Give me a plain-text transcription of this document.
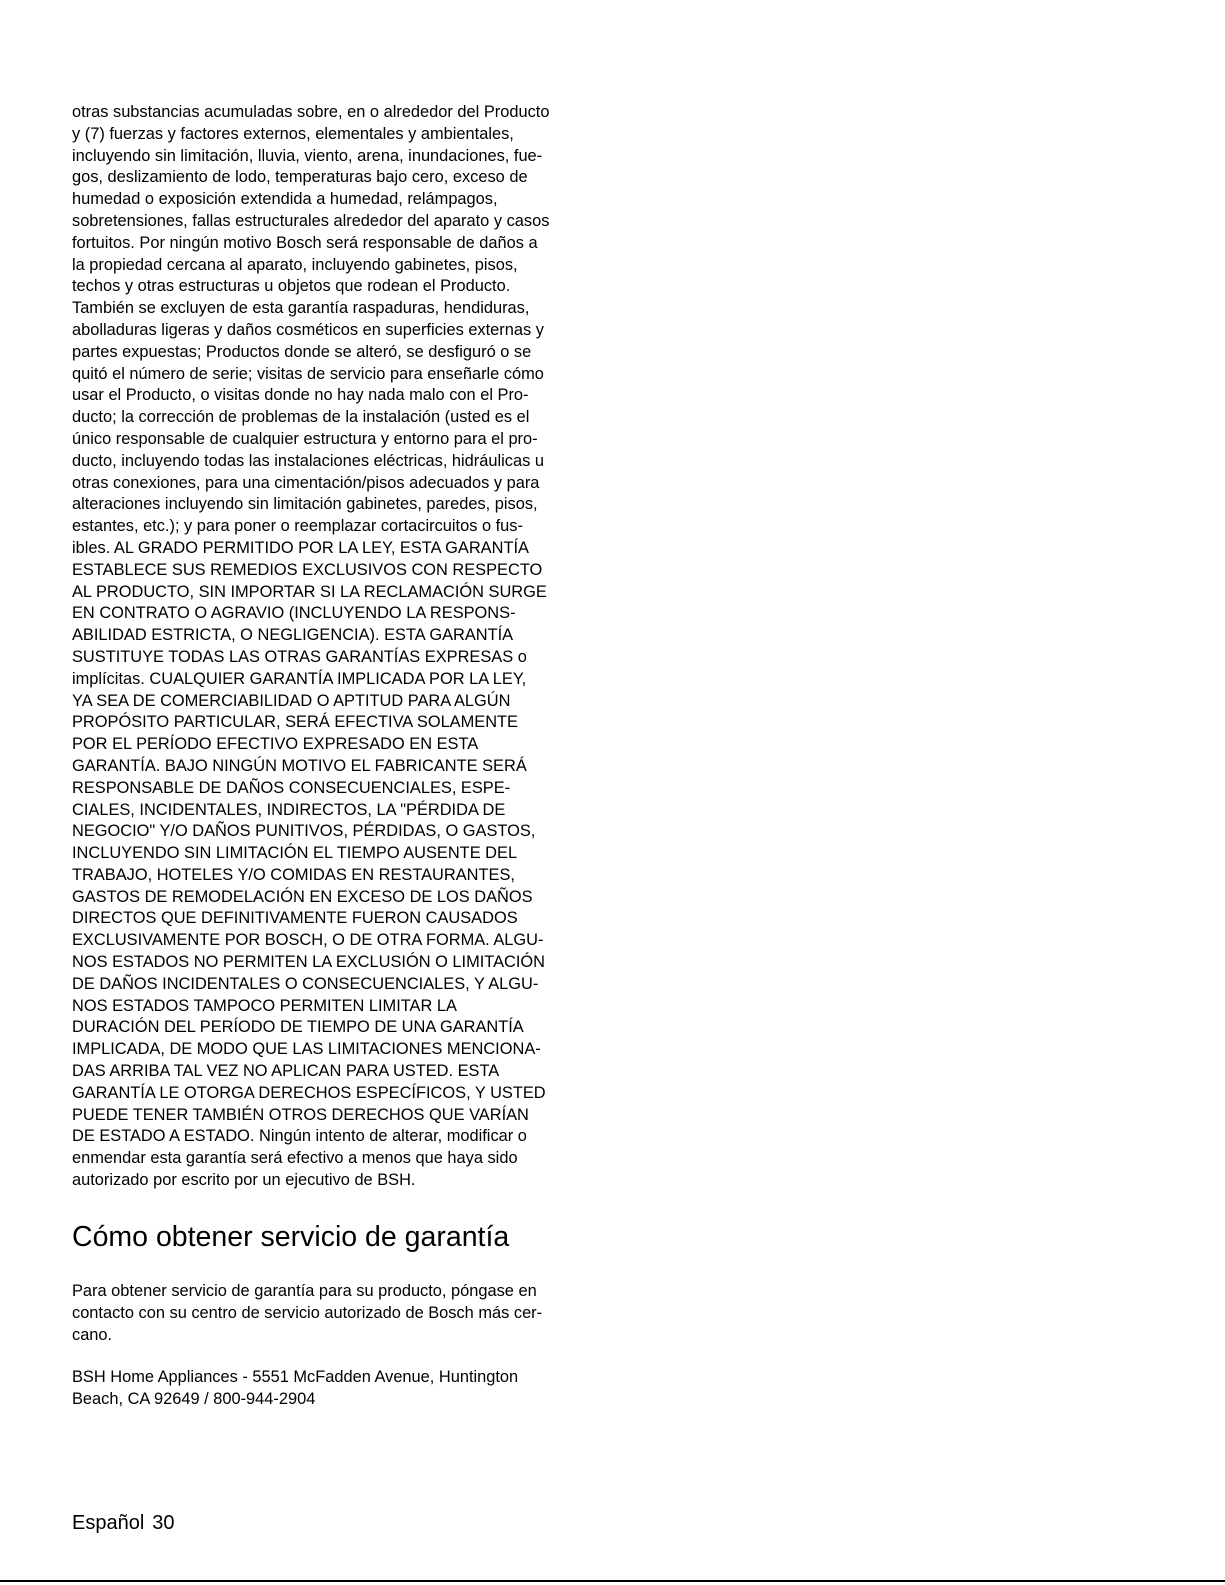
otras substancias acumuladas sobre, en o alrededor del Producto
y (7) fuerzas y factores externos, elementales y ambientales,
incluyendo sin limitación, lluvia, viento, arena, inundaciones, fue-
gos, deslizamiento de lodo, temperaturas bajo cero, exceso de
humedad o exposición extendida a humedad, relámpagos,
sobretensiones, fallas estructurales alrededor del aparato y casos
fortuitos. Por ningún motivo Bosch será responsable de daños a
la propiedad cercana al aparato, incluyendo gabinetes, pisos,
techos y otras estructuras u objetos que rodean el Producto.
También se excluyen de esta garantía raspaduras, hendiduras,
abolladuras ligeras y daños cosméticos en superficies externas y
partes expuestas; Productos donde se alteró, se desfiguró o se
quitó el número de serie; visitas de servicio para enseñarle cómo
usar el Producto, o visitas donde no hay nada malo con el Pro-
ducto; la corrección de problemas de la instalación (usted es el
único responsable de cualquier estructura y entorno para el pro-
ducto, incluyendo todas las instalaciones eléctricas, hidráulicas u
otras conexiones, para una cimentación/pisos adecuados y para
alteraciones incluyendo sin limitación gabinetes, paredes, pisos,
estantes, etc.); y para poner o reemplazar cortacircuitos o fus-
ibles. AL GRADO PERMITIDO POR LA LEY, ESTA GARANTÍA
ESTABLECE SUS REMEDIOS EXCLUSIVOS CON RESPECTO
AL PRODUCTO, SIN IMPORTAR SI LA RECLAMACIÓN SURGE
EN CONTRATO O AGRAVIO (INCLUYENDO LA RESPONS-
ABILIDAD ESTRICTA, O NEGLIGENCIA). ESTA GARANTÍA
SUSTITUYE TODAS LAS OTRAS GARANTÍAS EXPRESAS o
implícitas. CUALQUIER GARANTÍA IMPLICADA POR LA LEY,
YA SEA DE COMERCIABILIDAD O APTITUD PARA ALGÚN
PROPÓSITO PARTICULAR, SERÁ EFECTIVA SOLAMENTE
POR EL PERÍODO EFECTIVO EXPRESADO EN ESTA
GARANTÍA. BAJO NINGÚN MOTIVO EL FABRICANTE SERÁ
RESPONSABLE DE DAÑOS CONSECUENCIALES, ESPE-
CIALES, INCIDENTALES, INDIRECTOS, LA "PÉRDIDA DE
NEGOCIO" Y/O DAÑOS PUNITIVOS, PÉRDIDAS, O GASTOS,
INCLUYENDO SIN LIMITACIÓN EL TIEMPO AUSENTE DEL
TRABAJO, HOTELES Y/O COMIDAS EN RESTAURANTES,
GASTOS DE REMODELACIÓN EN EXCESO DE LOS DAÑOS
DIRECTOS QUE DEFINITIVAMENTE FUERON CAUSADOS
EXCLUSIVAMENTE POR BOSCH, O DE OTRA FORMA. ALGU-
NOS ESTADOS NO PERMITEN LA EXCLUSIÓN O LIMITACIÓN
DE DAÑOS INCIDENTALES O CONSECUENCIALES, Y ALGU-
NOS ESTADOS TAMPOCO PERMITEN LIMITAR LA
DURACIÓN DEL PERÍODO DE TIEMPO DE UNA GARANTÍA
IMPLICADA, DE MODO QUE LAS LIMITACIONES MENCIONA-
DAS ARRIBA TAL VEZ NO APLICAN PARA USTED. ESTA
GARANTÍA LE OTORGA DERECHOS ESPECÍFICOS, Y USTED
PUEDE TENER TAMBIÉN OTROS DERECHOS QUE VARÍAN
DE ESTADO A ESTADO. Ningún intento de alterar, modificar o
enmendar esta garantía será efectivo a menos que haya sido
autorizado por escrito por un ejecutivo de BSH.
Cómo obtener servicio de garantía
Para obtener servicio de garantía para su producto, póngase en
contacto con su centro de servicio autorizado de Bosch más cer-
cano.
BSH Home Appliances - 5551 McFadden Avenue, Huntington
Beach, CA 92649 / 800-944-2904
Español 30
